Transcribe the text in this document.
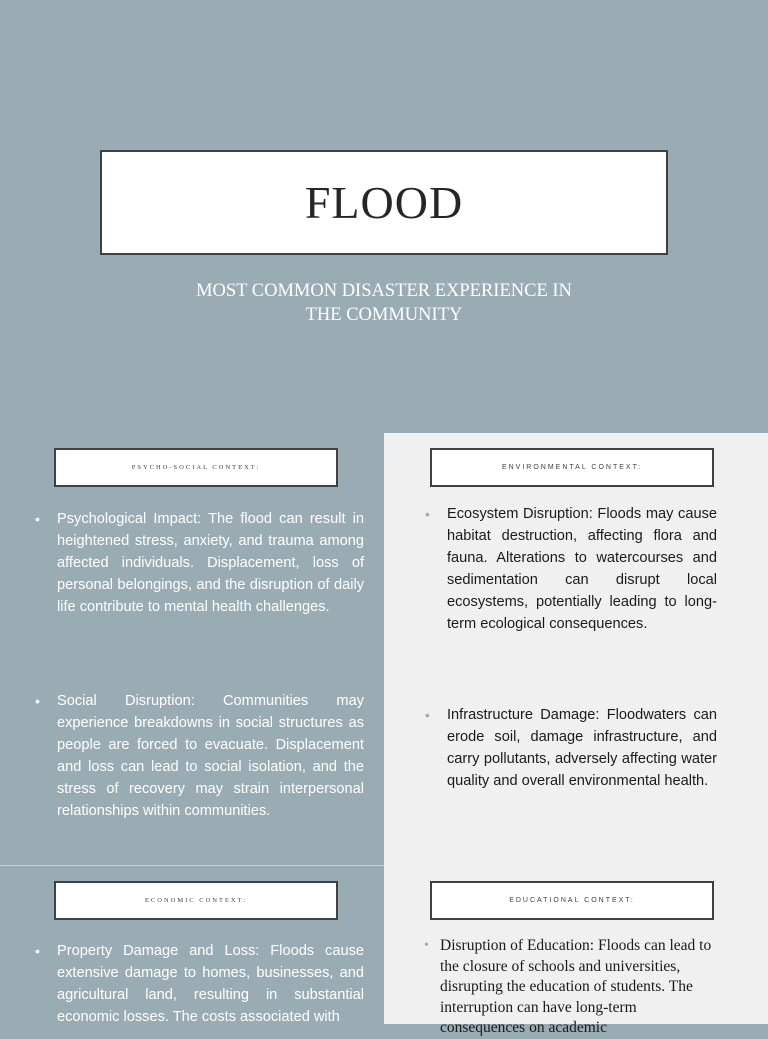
FLOOD
MOST COMMON DISASTER EXPERIENCE IN
THE COMMUNITY
PSYCHO-SOCIAL CONTEXT:
• Psychological Impact: The flood can result in heightened stress, anxiety, and trauma among affected individuals. Displacement, loss of personal belongings, and the disruption of daily life contribute to mental health challenges.
• Social Disruption: Communities may experience breakdowns in social structures as people are forced to evacuate. Displacement and loss can lead to social isolation, and the stress of recovery may strain interpersonal relationships within communities.
ENVIRONMENTAL CONTEXT:
• Ecosystem Disruption: Floods may cause habitat destruction, affecting flora and fauna. Alterations to watercourses and sedimentation can disrupt local ecosystems, potentially leading to long-term ecological consequences.
• Infrastructure Damage: Floodwaters can erode soil, damage infrastructure, and carry pollutants, adversely affecting water quality and overall environmental health.
ECONOMIC CONTEXT:
• Property Damage and Loss: Floods cause extensive damage to homes, businesses, and agricultural land, resulting in substantial economic losses. The costs associated with
EDUCATIONAL CONTEXT:
• Disruption of Education: Floods can lead to the closure of schools and universities, disrupting the education of students. The interruption can have long-term consequences on academic
